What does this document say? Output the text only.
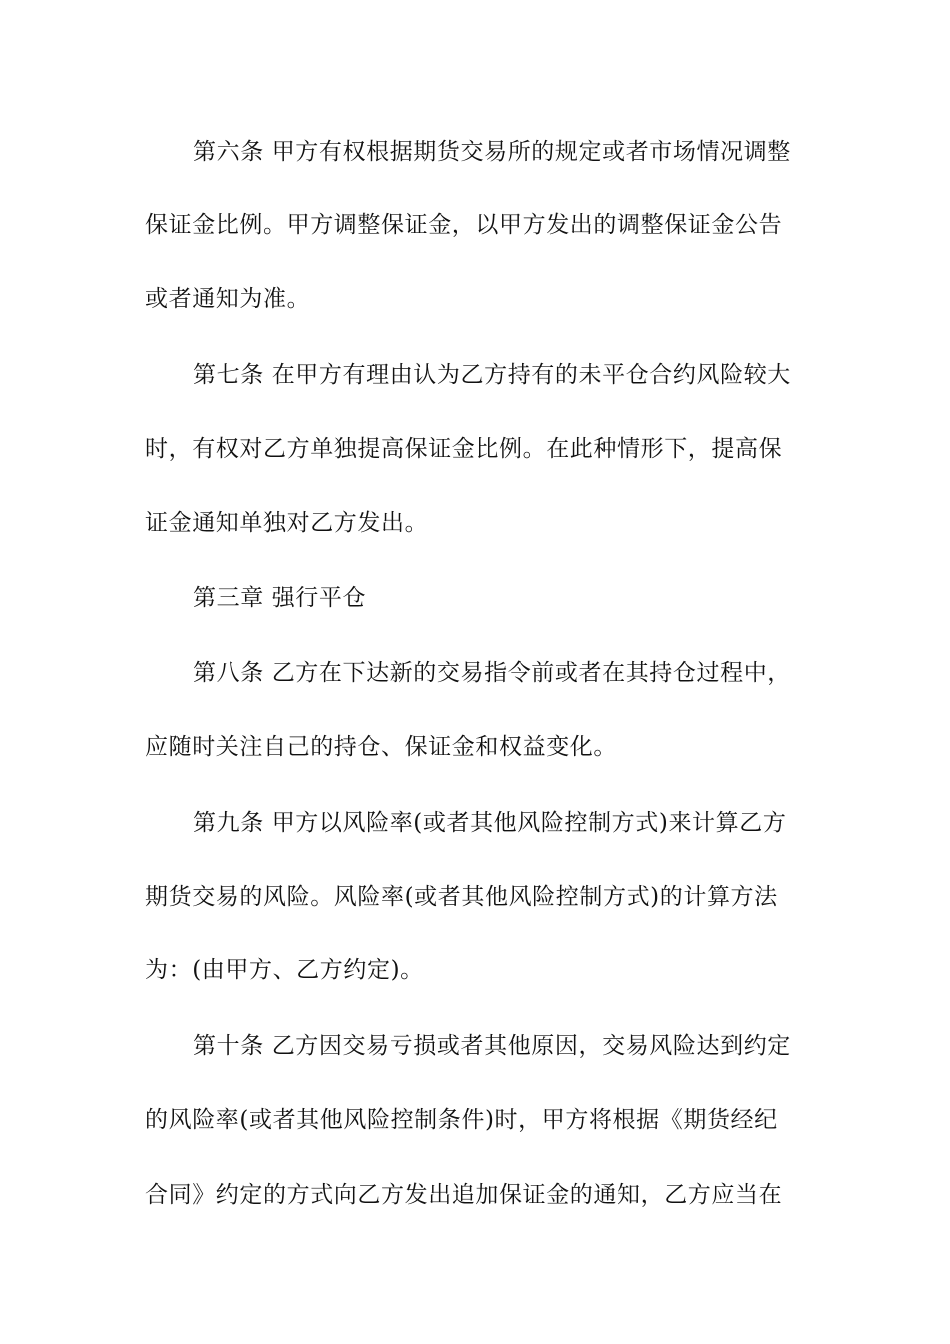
第六条 甲方有权根据期货交易所的规定或者市场情况调整
保证金比例。甲方调整保证金，以甲方发出的调整保证金公告
或者通知为准。
第七条 在甲方有理由认为乙方持有的未平仓合约风险较大
时，有权对乙方单独提高保证金比例。在此种情形下，提高保
证金通知单独对乙方发出。
第三章 强行平仓
第八条 乙方在下达新的交易指令前或者在其持仓过程中，
应随时关注自己的持仓、保证金和权益变化。
第九条 甲方以风险率(或者其他风险控制方式)来计算乙方
期货交易的风险。风险率(或者其他风险控制方式)的计算方法
为：(由甲方、乙方约定)。
第十条 乙方因交易亏损或者其他原因，交易风险达到约定
的风险率(或者其他风险控制条件)时，甲方将根据《期货经纪
合同》约定的方式向乙方发出追加保证金的通知，乙方应当在
